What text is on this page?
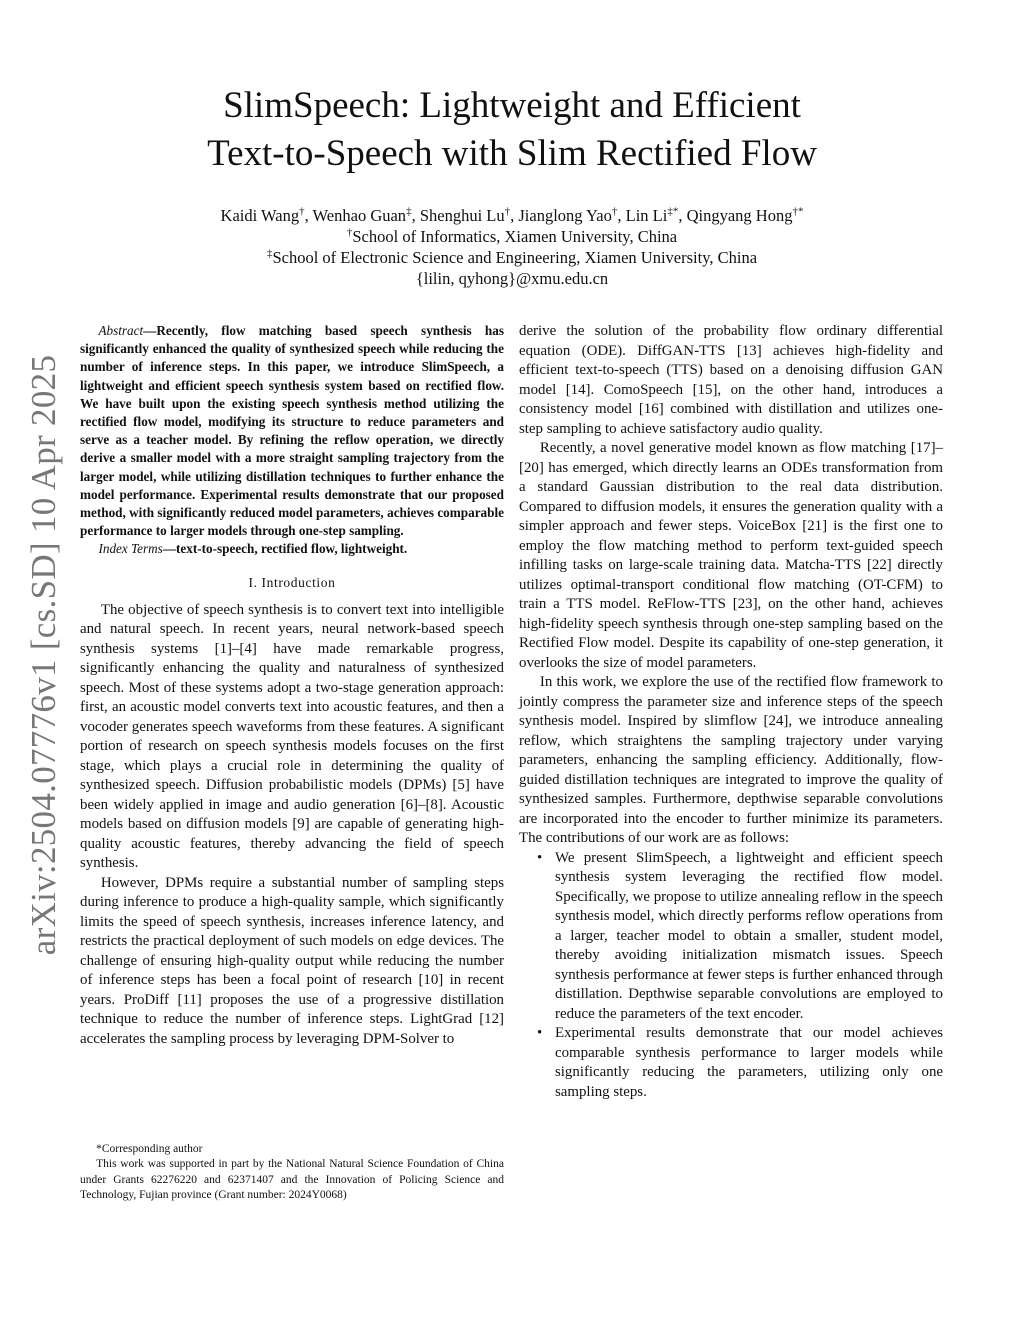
arXiv:2504.07776v1 [cs.SD] 10 Apr 2025
SlimSpeech: Lightweight and Efficient
Text-to-Speech with Slim Rectified Flow
Kaidi Wang†, Wenhao Guan‡, Shenghui Lu†, Jianglong Yao†, Lin Li‡*, Qingyang Hong†*
†School of Informatics, Xiamen University, China
‡School of Electronic Science and Engineering, Xiamen University, China
{lilin, qyhong}@xmu.edu.cn

Abstract—Recently, flow matching based speech synthesis has significantly enhanced the quality of synthesized speech while reducing the number of inference steps. In this paper, we introduce SlimSpeech, a lightweight and efficient speech synthesis system based on rectified flow. We have built upon the existing speech synthesis method utilizing the rectified flow model, modifying its structure to reduce parameters and serve as a teacher model. By refining the reflow operation, we directly derive a smaller model with a more straight sampling trajectory from the larger model, while utilizing distillation techniques to further enhance the model performance. Experimental results demonstrate that our proposed method, with significantly reduced model parameters, achieves comparable performance to larger models through one-step sampling.

Index Terms—text-to-speech, rectified flow, lightweight.

I. Introduction

The objective of speech synthesis is to convert text into intelligible and natural speech. In recent years, neural network-based speech synthesis systems [1]–[4] have made remarkable progress, significantly enhancing the quality and naturalness of synthesized speech. Most of these systems adopt a two-stage generation approach: first, an acoustic model converts text into acoustic features, and then a vocoder generates speech waveforms from these features. A significant portion of research on speech synthesis models focuses on the first stage, which plays a crucial role in determining the quality of synthesized speech. Diffusion probabilistic models (DPMs) [5] have been widely applied in image and audio generation [6]–[8]. Acoustic models based on diffusion models [9] are capable of generating high-quality acoustic features, thereby advancing the field of speech synthesis.

However, DPMs require a substantial number of sampling steps during inference to produce a high-quality sample, which significantly limits the speed of speech synthesis, increases inference latency, and restricts the practical deployment of such models on edge devices. The challenge of ensuring high-quality output while reducing the number of inference steps has been a focal point of research [10] in recent years. ProDiff [11] proposes the use of a progressive distillation technique to reduce the number of inference steps. LightGrad [12] accelerates the sampling process by leveraging DPM-Solver to

*Corresponding author

This work was supported in part by the National Natural Science Foundation of China under Grants 62276220 and 62371407 and the Innovation of Policing Science and Technology, Fujian province (Grant number: 2024Y0068)

derive the solution of the probability flow ordinary differential equation (ODE). DiffGAN-TTS [13] achieves high-fidelity and efficient text-to-speech (TTS) based on a denoising diffusion GAN model [14]. ComoSpeech [15], on the other hand, introduces a consistency model [16] combined with distillation and utilizes one-step sampling to achieve satisfactory audio quality.

Recently, a novel generative model known as flow matching [17]–[20] has emerged, which directly learns an ODEs transformation from a standard Gaussian distribution to the real data distribution. Compared to diffusion models, it ensures the generation quality with a simpler approach and fewer steps. VoiceBox [21] is the first one to employ the flow matching method to perform text-guided speech infilling tasks on large-scale training data. Matcha-TTS [22] directly utilizes optimal-transport conditional flow matching (OT-CFM) to train a TTS model. ReFlow-TTS [23], on the other hand, achieves high-fidelity speech synthesis through one-step sampling based on the Rectified Flow model. Despite its capability of one-step generation, it overlooks the size of model parameters.

In this work, we explore the use of the rectified flow framework to jointly compress the parameter size and inference steps of the speech synthesis model. Inspired by slimflow [24], we introduce annealing reflow, which straightens the sampling trajectory under varying parameters, enhancing the sampling efficiency. Additionally, flow-guided distillation techniques are integrated to improve the quality of synthesized samples. Furthermore, depthwise separable convolutions are incorporated into the encoder to further minimize its parameters. The contributions of our work are as follows:

• We present SlimSpeech, a lightweight and efficient speech synthesis system leveraging the rectified flow model. Specifically, we propose to utilize annealing reflow in the speech synthesis model, which directly performs reflow operations from a larger, teacher model to obtain a smaller, student model, thereby avoiding initialization mismatch issues. Speech synthesis performance at fewer steps is further enhanced through distillation. Depthwise separable convolutions are employed to reduce the parameters of the text encoder.
• Experimental results demonstrate that our model achieves comparable synthesis performance to larger models while significantly reducing the parameters, utilizing only one sampling steps.
